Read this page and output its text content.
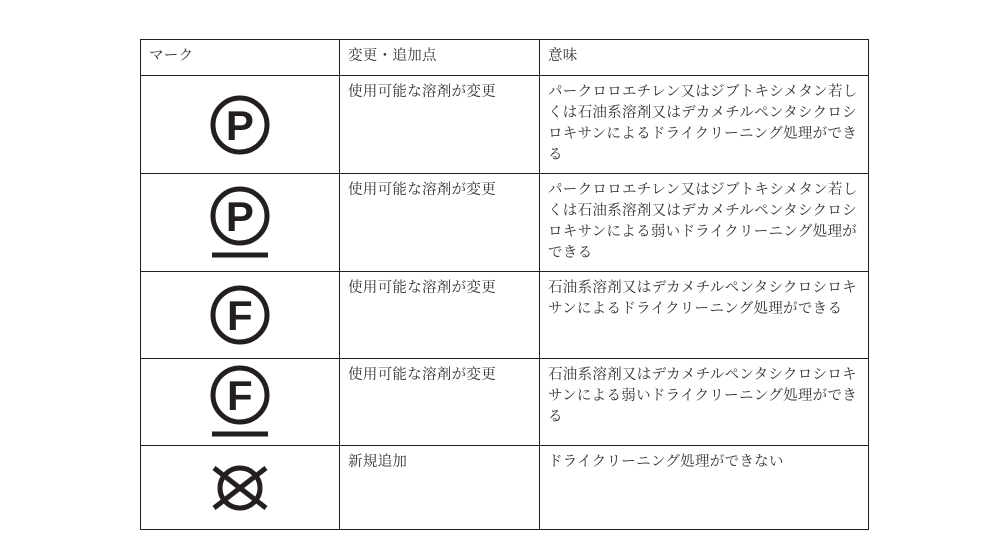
マーク	変更・追加点	意味

P	使用可能な溶剤が変更	パークロロエチレン又はジブトキシメタン若しくは石油系溶剤又はデカメチルペンタシクロシロキサンによるドライクリーニング処理ができる

P	使用可能な溶剤が変更	パークロロエチレン又はジブトキシメタン若しくは石油系溶剤又はデカメチルペンタシクロシロキサンによる弱いドライクリーニング処理ができる

F	使用可能な溶剤が変更	石油系溶剤又はデカメチルペンタシクロシロキサンによるドライクリーニング処理ができる

F	使用可能な溶剤が変更	石油系溶剤又はデカメチルペンタシクロシロキサンによる弱いドライクリーニング処理ができる
	新規追加	ドライクリーニング処理ができない
